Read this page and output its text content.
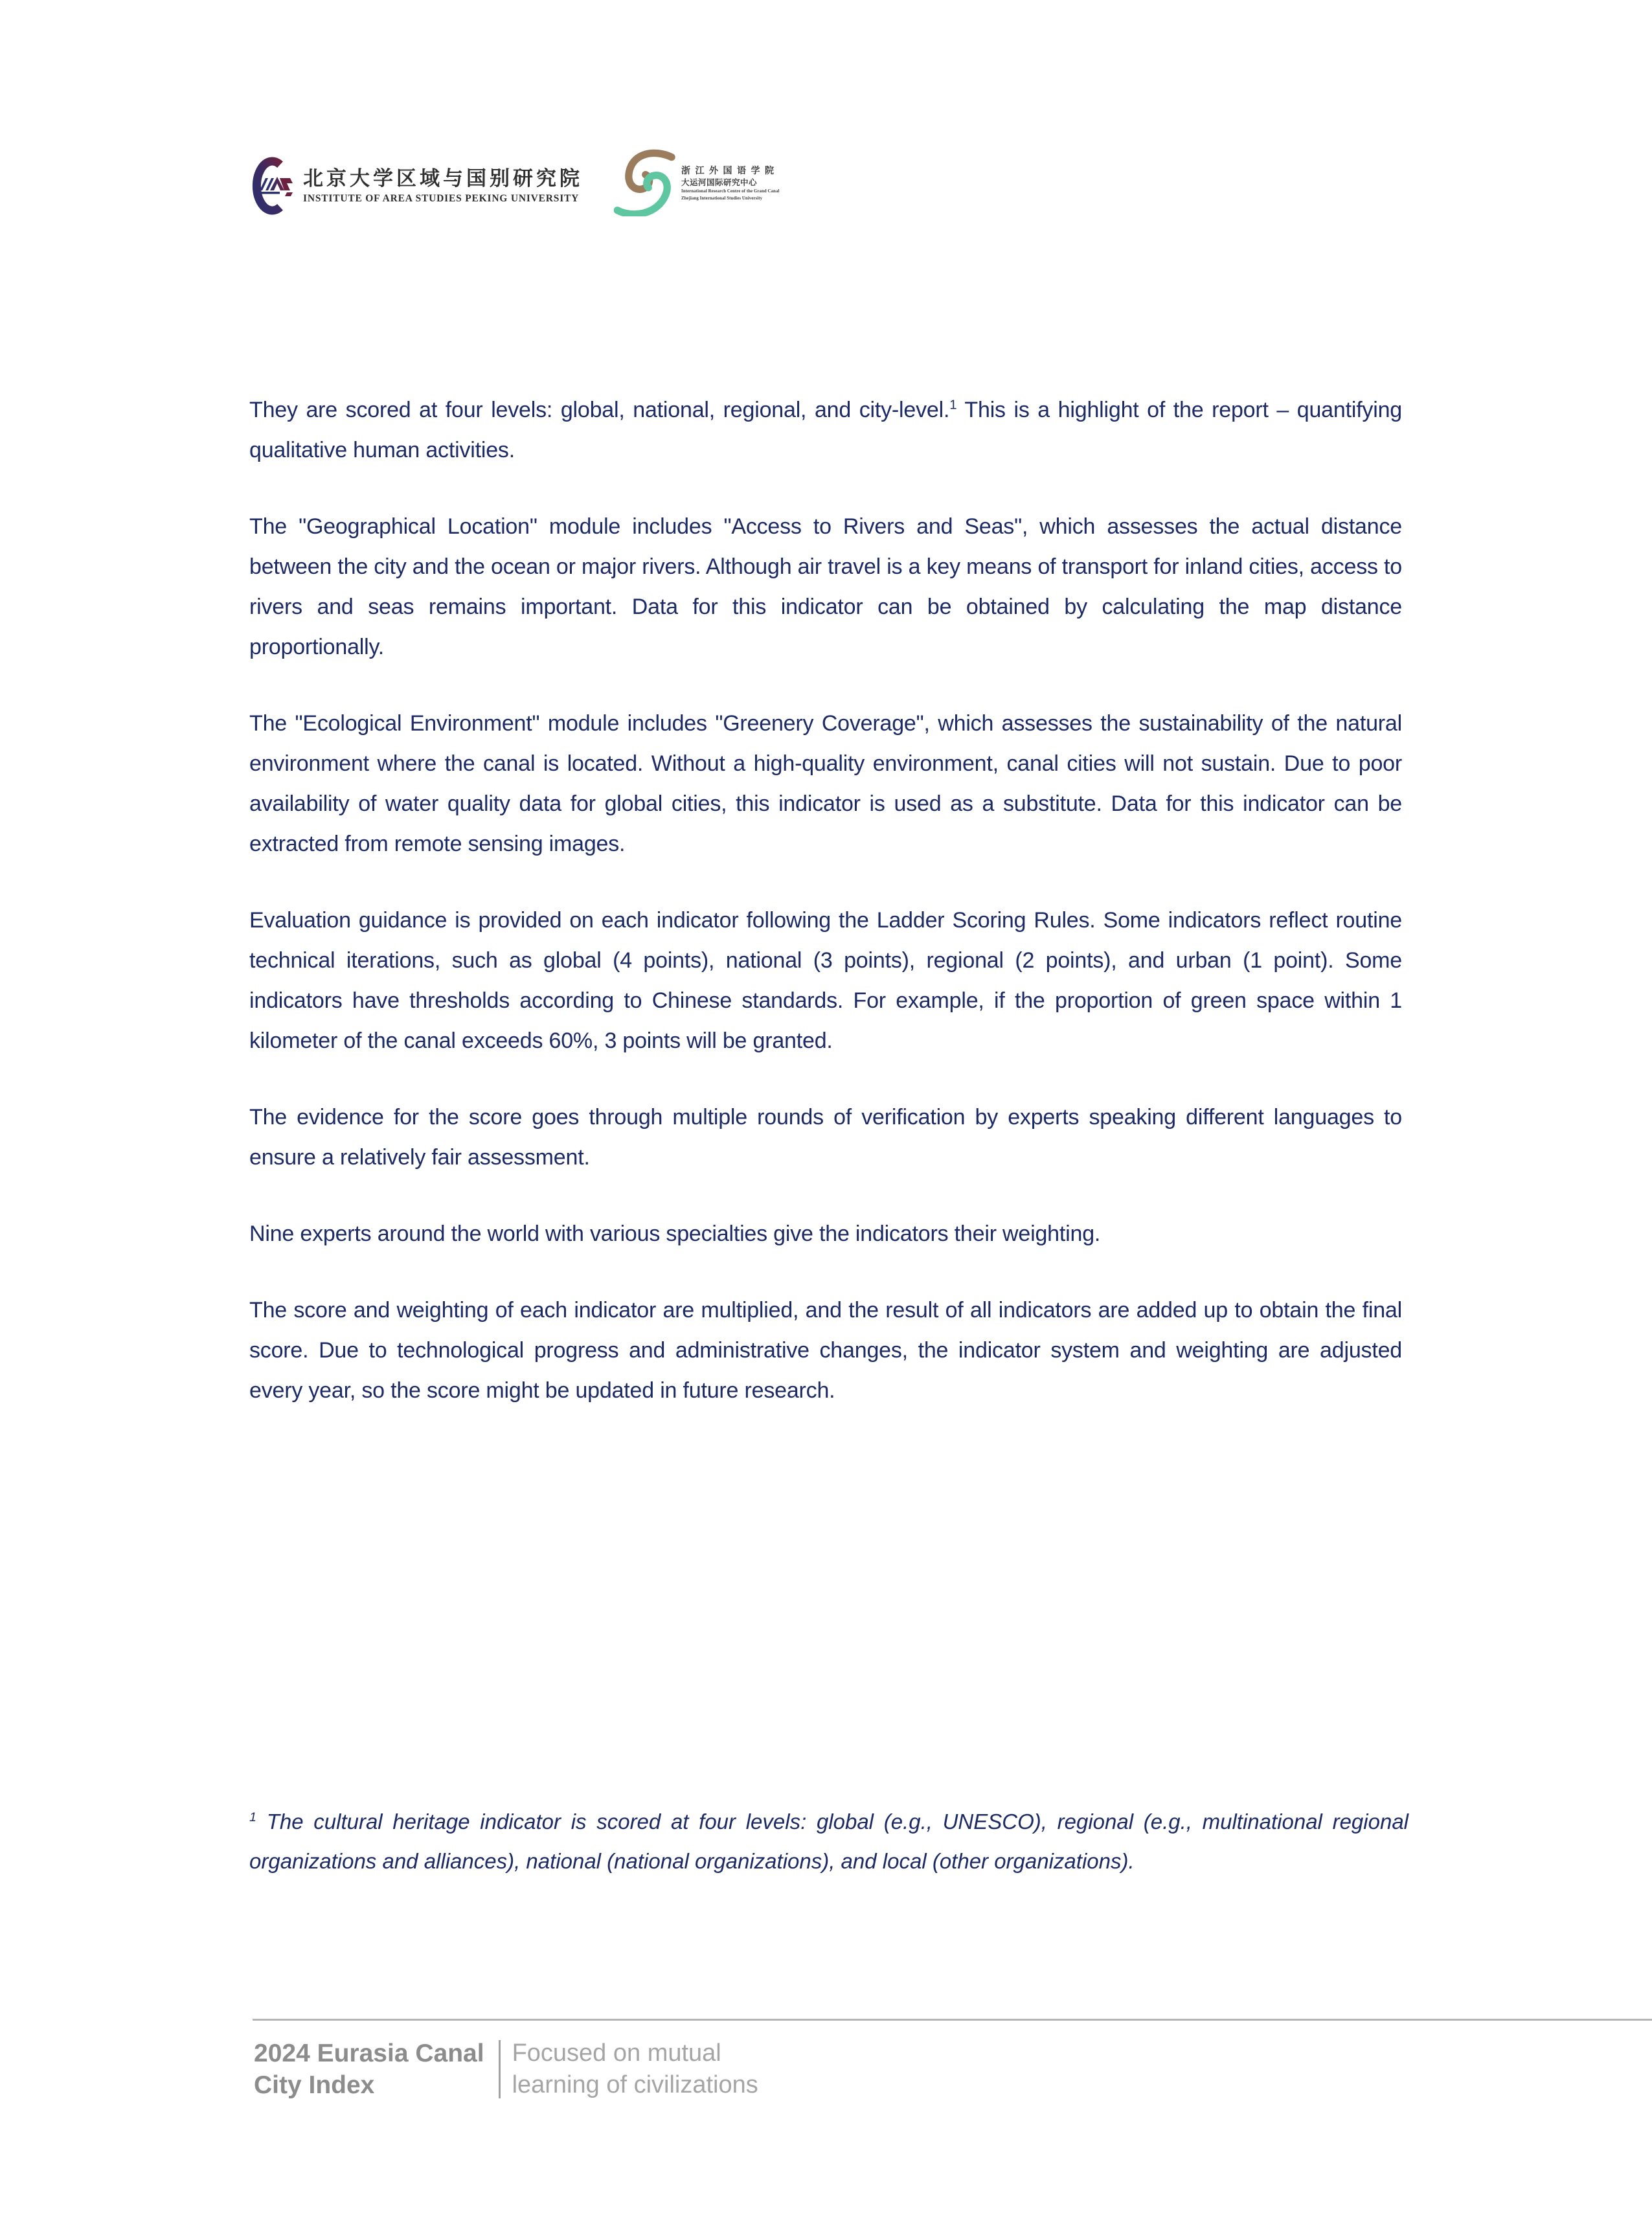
北京大学区域与国别研究院
INSTITUTE OF AREA STUDIES PEKING UNIVERSITY
浙 江 外 国 语 学 院
大运河国际研究中心
International Research Centre of the Grand Canal
Zhejiang International Studies University

They are scored at four levels: global, national, regional, and city-level.$^1$ This is a highlight of the report – quantifying qualitative human activities.

The "Geographical Location" module includes "Access to Rivers and Seas", which assesses the actual distance between the city and the ocean or major rivers. Although air travel is a key means of transport for inland cities, access to rivers and seas remains important. Data for this indicator can be obtained by calculating the map distance proportionally.

The "Ecological Environment" module includes "Greenery Coverage", which assesses the sustainability of the natural environment where the canal is located. Without a high-quality environment, canal cities will not sustain. Due to poor availability of water quality data for global cities, this indicator is used as a substitute. Data for this indicator can be extracted from remote sensing images.

Evaluation guidance is provided on each indicator following the Ladder Scoring Rules. Some indicators reflect routine technical iterations, such as global (4 points), national (3 points), regional (2 points), and urban (1 point). Some indicators have thresholds according to Chinese standards. For example, if the proportion of green space within 1 kilometer of the canal exceeds 60%, 3 points will be granted.

The evidence for the score goes through multiple rounds of verification by experts speaking different languages to ensure a relatively fair assessment.

Nine experts around the world with various specialties give the indicators their weighting.

The score and weighting of each indicator are multiplied, and the result of all indicators are added up to obtain the final score. Due to technological progress and administrative changes, the indicator system and weighting are adjusted every year, so the score might be updated in future research.

$^1$ The cultural heritage indicator is scored at four levels: global (e.g., UNESCO), regional (e.g., multinational regional organizations and alliances), national (national organizations), and local (other organizations).
2024 Eurasia Canal
City Index
Focused on mutual
learning of civilizations
